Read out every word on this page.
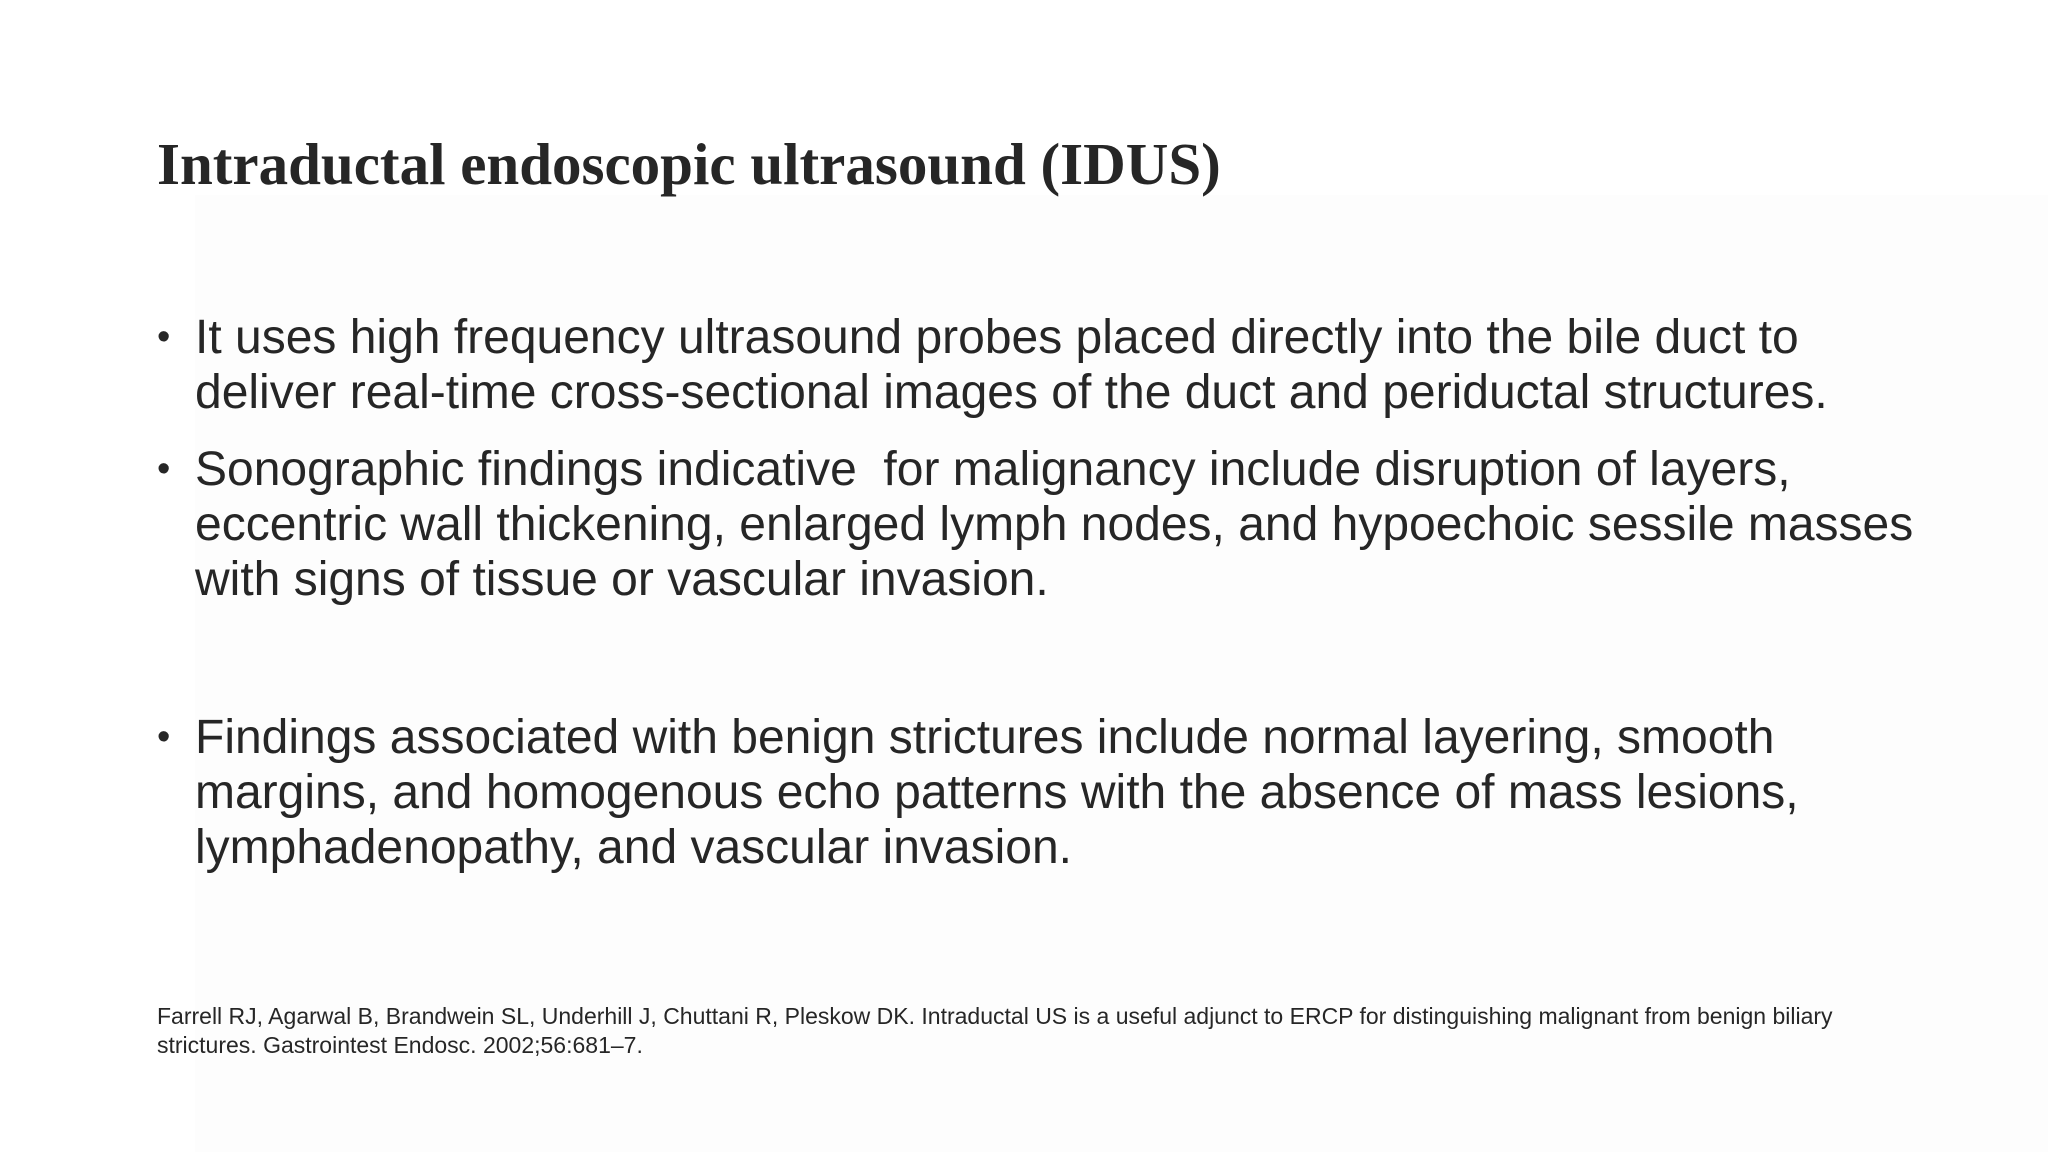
Intraductal endoscopic ultrasound (IDUS)
• It uses high frequency ultrasound probes placed directly into the bile duct to deliver real-time cross-sectional images of the duct and periductal structures.
• Sonographic findings indicative  for malignancy include disruption of layers, eccentric wall thickening, enlarged lymph nodes, and hypoechoic sessile masses with signs of tissue or vascular invasion.
• Findings associated with benign strictures include normal layering, smooth margins, and homogenous echo patterns with the absence of mass lesions, lymphadenopathy, and vascular invasion.

Farrell RJ, Agarwal B, Brandwein SL, Underhill J, Chuttani R, Pleskow DK. Intraductal US is a useful adjunct to ERCP for distinguishing malignant from benign biliary strictures. Gastrointest Endosc. 2002;56:681–7.
